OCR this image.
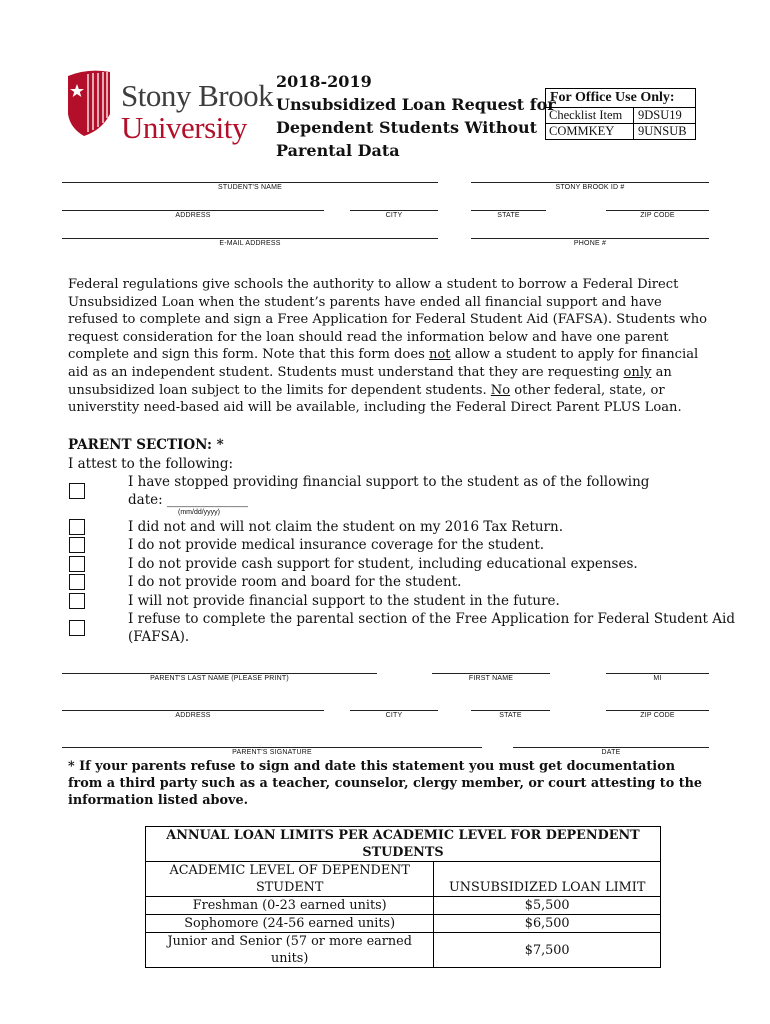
Stony Brook
University
2018-2019
Unsubsidized Loan Request for
Dependent Students Without
Parental Data
For Office Use Only:
Checklist Item	9DSU19
COMMKEY	9UNSUB
STUDENT'S NAME	STONY BROOK ID #
ADDRESS	CITY	STATE	ZIP CODE
E-MAIL ADDRESS	PHONE #
Federal regulations give schools the authority to allow a student to borrow a Federal Direct Unsubsidized Loan when the student’s parents have ended all financial support and have refused to complete and sign a Free Application for Federal Student Aid (FAFSA). Students who request consideration for the loan should read the information below and have one parent complete and sign this form. Note that this form does not allow a student to apply for financial aid as an independent student. Students must understand that they are requesting only an unsubsidized loan subject to the limits for dependent students. No other federal, state, or universtity need-based aid will be available, including the Federal Direct Parent PLUS Loan.
PARENT SECTION: *
I attest to the following:
I have stopped providing financial support to the student as of the following
date: ____________
(mm/dd/yyyy)
I did not and will not claim the student on my 2016 Tax Return.
I do not provide medical insurance coverage for the student.
I do not provide cash support for student, including educational expenses.
I do not provide room and board for the student.
I will not provide financial support to the student in the future.
I refuse to complete the parental section of the Free Application for Federal Student Aid
(FAFSA).
PARENT'S LAST NAME (PLEASE PRINT)	FIRST NAME	MI
ADDRESS	CITY	STATE	ZIP CODE
PARENT'S SIGNATURE	DATE
* If your parents refuse to sign and date this statement you must get documentation from a third party such as a teacher, counselor, clergy member, or court attesting to the information listed above.
ANNUAL LOAN LIMITS PER ACADEMIC LEVEL FOR DEPENDENT STUDENTS	

ACADEMIC LEVEL OF DEPENDENT
STUDENT	UNSUBSIDIZED LOAN LIMIT
Freshman (0-23 earned units)	$5,500
Sophomore (24-56 earned units)	$6,500
Junior and Senior (57 or more earned units)	$7,500
